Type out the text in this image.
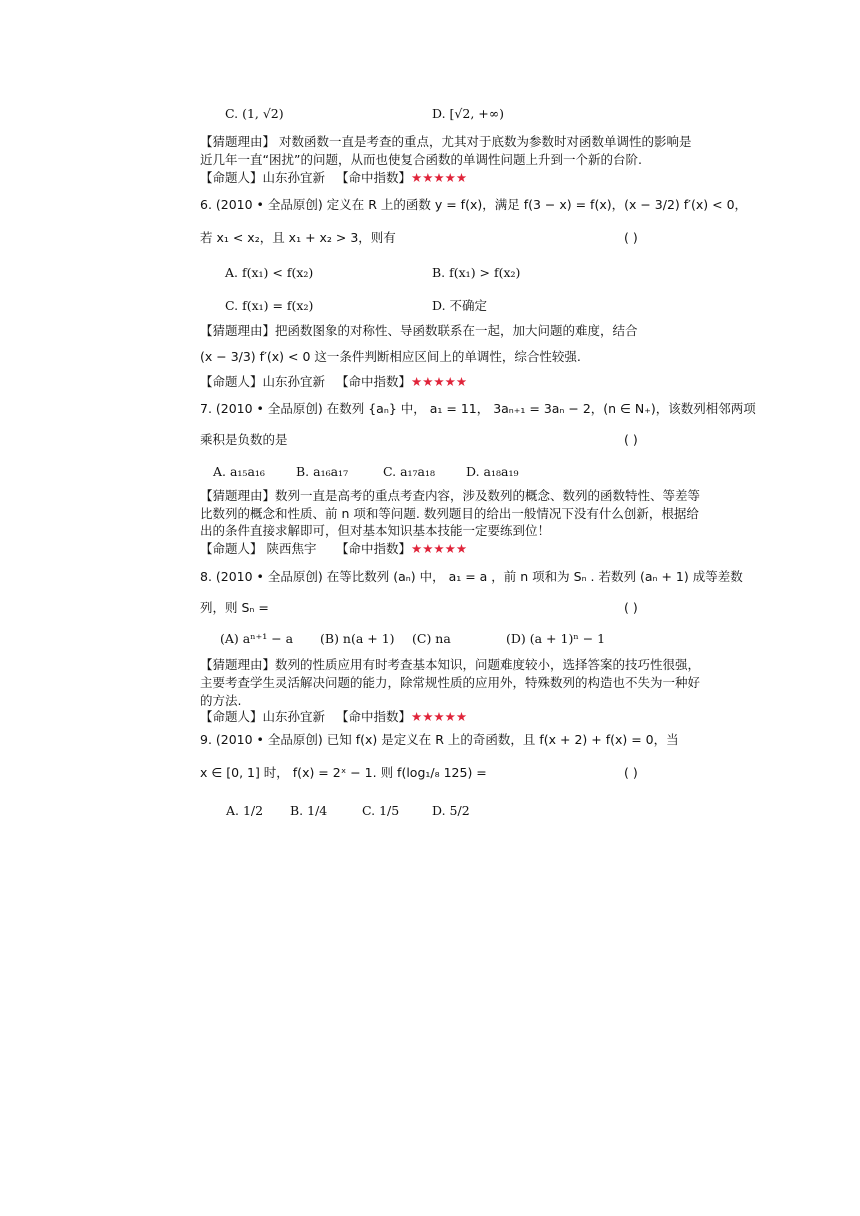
C. (1, √2)	D. [√2, +∞)
【猜题理由】 对数函数一直是考查的重点，尤其对于底数为参数时对函数单调性的影响是
近几年一直“困扰”的问题，从而也使复合函数的单调性问题上升到一个新的台阶.
【命题人】山东孙宜新 【命中指数】★★★★★
6. (2010 • 全品原创) 定义在 R 上的函数 y = f(x)，满足 f(3 − x) = f(x)，(x − 3/2) f′(x) < 0，
若 x₁ < x₂，且 x₁ + x₂ > 3，则有	( )
A. f(x₁) < f(x₂)	B. f(x₁) > f(x₂)
C. f(x₁) = f(x₂)	D. 不确定
【猜题理由】把函数图象的对称性、导函数联系在一起，加大问题的难度，结合
(x − 3/3) f′(x) < 0 这一条件判断相应区间上的单调性，综合性较强.
【命题人】山东孙宜新 【命中指数】★★★★★
7. (2010 • 全品原创) 在数列 {aₙ} 中， a₁ = 11， 3aₙ₊₁ = 3aₙ − 2，(n ∈ N₊)，该数列相邻两项
乘积是负数的是	( )
A. a₁₅a₁₆ B. a₁₆a₁₇	C. a₁₇a₁₈ D. a₁₈a₁₉
【猜题理由】数列一直是高考的重点考查内容，涉及数列的概念、数列的函数特性、等差等
比数列的概念和性质、前 n 项和等问题. 数列题目的给出一般情况下没有什么创新，根据给
出的条件直接求解即可，但对基本知识基本技能一定要练到位！
【命题人】 陕西焦宇 【命中指数】★★★★★
8. (2010 • 全品原创) 在等比数列 (aₙ) 中， a₁ = a ，前 n 项和为 Sₙ . 若数列 (aₙ + 1) 成等差数
列，则 Sₙ =	( )
(A) aⁿ⁺¹ − a (B) n(a + 1) (C) na	(D) (a + 1)ⁿ − 1
【猜题理由】数列的性质应用有时考查基本知识，问题难度较小，选择答案的技巧性很强，
主要考查学生灵活解决问题的能力，除常规性质的应用外，特殊数列的构造也不失为一种好
的方法.
【命题人】山东孙宜新 【命中指数】★★★★★
9. (2010 • 全品原创) 已知 f(x) 是定义在 R 上的奇函数，且 f(x + 2) + f(x) = 0，当
x ∈ [0, 1] 时， f(x) = 2ˣ − 1. 则 f(log₁/₈ 125) =	( )
A. 1/2 B. 1/4	C. 1/5	D. 5/2
